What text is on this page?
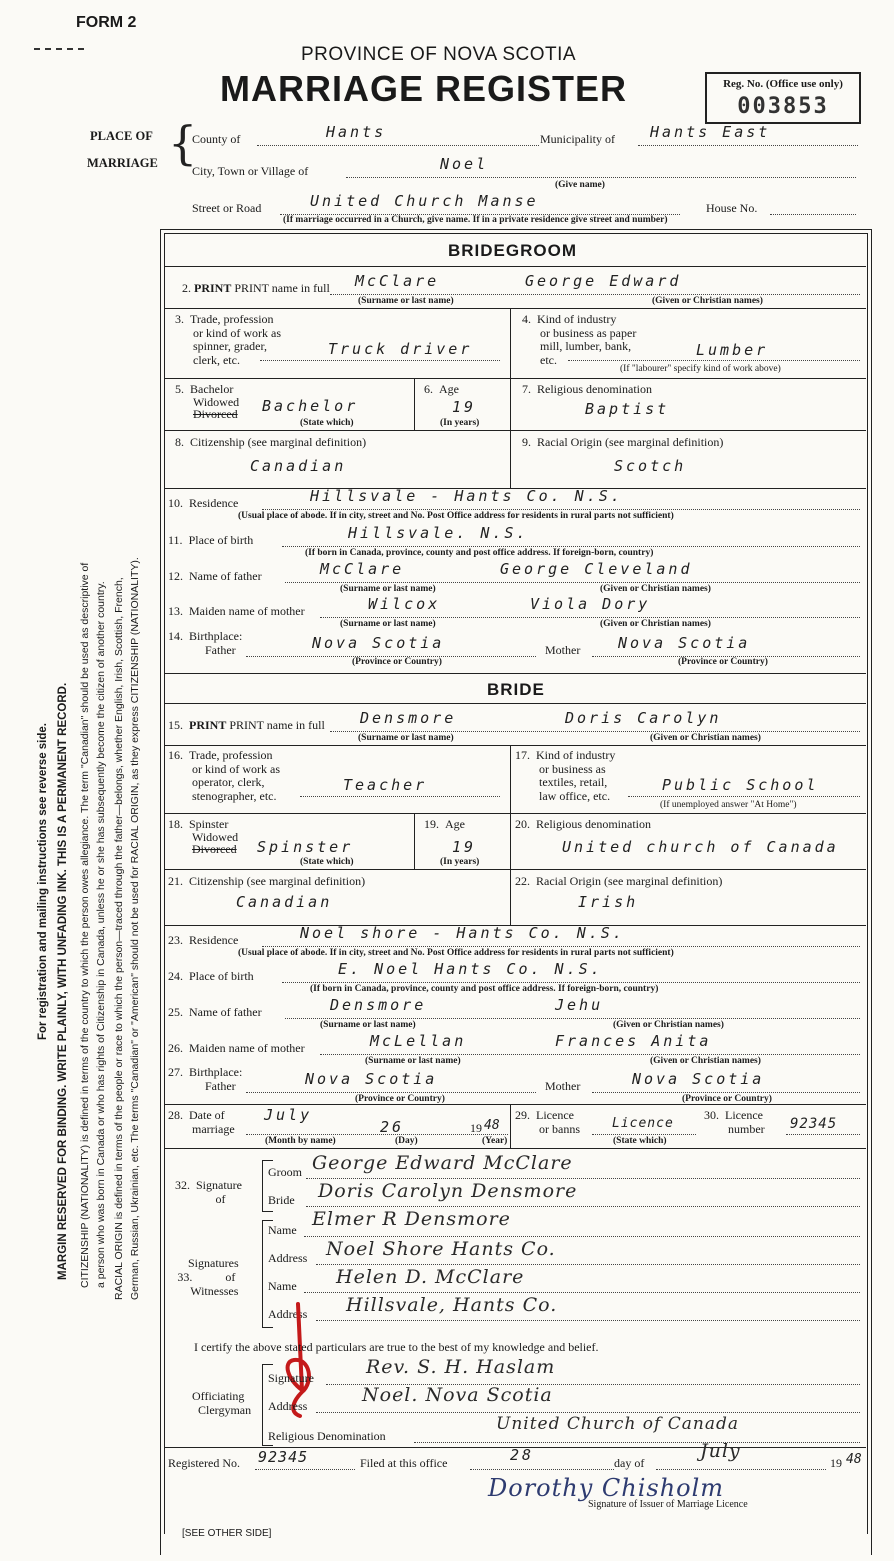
FORM 2
PROVINCE OF NOVA SCOTIA
MARRIAGE REGISTER	Reg. No. (Office use only)
003853
PLACE OF
MARRIAGE {
County of	Hants	Municipality of Hants East
City, Town or Village of	Noel
(Give name)
Street or Road	United Church Manse	House No.
(If marriage occurred in a Church, give name. If in a private residence give street and number)
BRIDEGROOM
2. PRINT PRINT name in full McClare	George Edward
(Surname or last name)	(Given or Christian names)
3.  Trade, profession
or kind of work as
spinner, grader,
clerk, etc.
Truck driver
4.  Kind of industry
or business as paper
mill, lumber, bank,
etc.
Lumber
(If "labourer" specify kind of work above)
5.  Bachelor
Widowed
Divorced Bachelor
(State which)
6.  Age
19
(In years)
7.  Religious denomination
Baptist
8.  Citizenship (see marginal definition)
Canadian
9.  Racial Origin (see marginal definition)
Scotch
10.  Residence	Hillsvale - Hants Co. N.S.
(Usual place of abode. If in city, street and No. Post Office address for residents in rural parts not sufficient)
11.  Place of birth	Hillsvale. N.S.
(If born in Canada, province, county and post office address. If foreign-born, country)
12.  Name of father	McClare	George Cleveland
(Surname or last name)	(Given or Christian names)
13.  Maiden name of mother	Wilcox	Viola Dory
(Surname or last name)	(Given or Christian names)
14.  Birthplace:
Father	Nova Scotia	Mother	Nova Scotia
(Province or Country)	(Province or Country)
BRIDE
15.  PRINT PRINT name in full Densmore	Doris Carolyn
(Surname or last name)	(Given or Christian names)
16.  Trade, profession
or kind of work as
operator, clerk,
stenographer, etc.
Teacher
17.  Kind of industry
or business as
textiles, retail,
law office, etc.
Public School
(If unemployed answer "At Home")
18.  Spinster
Widowed
Divorced Spinster
(State which)
19.  Age
19
(In years)
20.  Religious denomination
United church of Canada
21.  Citizenship (see marginal definition)
Canadian
22.  Racial Origin (see marginal definition)
Irish
23.  Residence	Noel shore - Hants Co. N.S.
(Usual place of abode. If in city, street and No. Post Office address for residents in rural parts not sufficient)
24.  Place of birth	E. Noel Hants Co. N.S.
(If born in Canada, province, county and post office address. If foreign-born, country)
25.  Name of father	Densmore	Jehu
(Surname or last name)	(Given or Christian names)
26.  Maiden name of mother	McLellan	Frances Anita
(Surname or last name)	(Given or Christian names)
27.  Birthplace:
Father	Nova Scotia	Mother	Nova Scotia
(Province or Country)	(Province or Country)
28.  Date of
marriage
July
26	19 48
(Month by name)	(Day)	(Year)
29.  Licence
or banns Licence
(State which)
30.  Licence
number 92345
32.  Signature
of
Groom George Edward McClare
Bride Doris Carolyn Densmore
Signatures
33.           of
Witnesses
Name Elmer R Densmore
Address Noel Shore Hants Co.
Name Helen D. McClare
Address Hillsvale, Hants Co.
I certify the above stated particulars are true to the best of my knowledge and belief.
Officiating
Clergyman
Signature	Rev. S. H. Haslam
Address	Noel. Nova Scotia
Religious Denomination
United Church of Canada
Registered No. 92345	Filed at this office	28	day of
July
19 48
Dorothy Chisholm
Signature of Issuer of Marriage Licence
[SEE OTHER SIDE]
For registration and mailing instructions see reverse side. MARGIN RESERVED FOR BINDING. WRITE PLAINLY, WITH UNFADING INK. THIS IS A PERMANENT RECORD. CITIZENSHIP (NATIONALITY) is defined in terms of the country to which the person owes allegiance. The term "Canadian" should be used as descriptive of a person who was born in Canada or who has rights of Citizenship in Canada, unless he or she has subsequently become the citizen of another country. RACIAL ORIGIN is defined in terms of the people or race to which the person—traced through the father—belongs, whether English, Irish, Scottish, French, German, Russian, Ukrainian, etc. The terms "Canadian" or "American" should not be used for RACIAL ORIGIN, as they express CITIZENSHIP (NATIONALITY).
